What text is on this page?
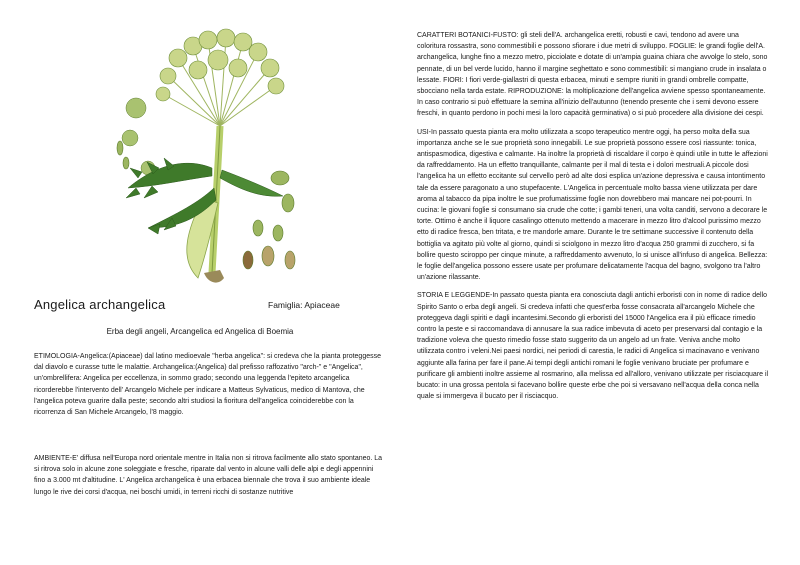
Angelica archangelica	Famiglia: Apiaceae
Erba degli angeli, Arcangelica ed Angelica di Boemia

ETIMOLOGIA-Angelica:(Apiaceae) dal latino medioevale "herba angelica": si credeva che la pianta proteggesse dal diavolo e curasse tutte le malattie. Archangelica:(Angelica) dal prefisso raffozativo "arch-" e "Angelica", un'ombrellifera: Angelica per eccellenza, in sommo grado; secondo una leggenda l'epiteto arcangelica ricorderebbe l'intervento dell' Arcangelo Michele per indicare a Matteus Sylvaticus, medico di Mantova, che l'angelica poteva guarire dalla peste; secondo altri studiosi la fioritura dell'angelica coinciderebbe con la ricorrenza di San Michele Arcangelo, l'8 maggio.

AMBIENTE-E' diffusa nell'Europa nord orientale mentre in Italia non si ritrova facilmente allo stato spontaneo. La si ritrova solo in alcune zone soleggiate e fresche, riparate dal vento in alcune valli delle alpi e degli appennini fino a 3.000 mt d'altitudine. L' Angelica archangelica è una erbacea biennale che trova il suo ambiente ideale lungo le rive dei corsi d'acqua, nei boschi umidi, in terreni ricchi di sostanze nutritive

CARATTERI BOTANICI-FUSTO: gli steli dell'A. archangelica eretti, robusti e cavi, tendono ad avere una coloritura rossastra, sono commestibili e possono sfiorare i due metri di sviluppo. FOGLIE: le grandi foglie dell'A. archangelica, lunghe fino a mezzo metro, picciolate e dotate di un'ampia guaina chiara che avvolge lo stelo, sono pennate, di un bel verde lucido, hanno il margine seghettato e sono commestibili: si mangiano crude in insalata o lessate. FIORI: I fiori verde-giallastri di questa erbacea, minuti e sempre riuniti in grandi ombrelle compatte, sbocciano nella tarda estate. RIPRODUZIONE: la moltiplicazione dell'angelica avviene spesso spontaneamente. In caso contrario si può effettuare la semina all'inizio dell'autunno (tenendo presente che i semi devono essere freschi, in quanto perdono in pochi mesi la loro capacità germinativa) o si può procedere alla divisione dei cespi.

USI-In passato questa pianta era molto utilizzata a scopo terapeutico mentre oggi, ha perso molta della sua importanza anche se le sue proprietà sono innegabili. Le sue proprietà possono essere così riassunte: tonica, antispasmodica, digestiva e calmante. Ha inoltre la proprietà di riscaldare il corpo è quindi utile in tutte le affezioni da raffreddamento. Ha un effetto tranquillante, calmante per il mal di testa e i dolori mestruali.A piccole dosi l'angelica ha un effetto eccitante sul cervello però ad alte dosi esplica un'azione depressiva e causa intontimento tale da essere paragonato a uno stupefacente. L'Angelica in percentuale molto bassa viene utilizzata per dare aroma al tabacco da pipa inoltre le sue profumatissime foglie non dovrebbero mai mancare nei pot-pourri. In cucina: le giovani foglie si consumano sia crude che cotte; i gambi teneri, una volta canditi, servono a decorare le torte. Ottimo è anche il liquore casalingo ottenuto mettendo a macerare in mezzo litro d'alcool purissimo mezzo etto di radice fresca, ben tritata, e tre mandorle amare. Durante le tre settimane successive il contenuto della bottiglia va agitato più volte al giorno, quindi si sciolgono in mezzo litro d'acqua 250 grammi di zucchero, si fa bollire questo sciroppo per cinque minute, a raffreddamento avvenuto, lo si unisce all'infuso di angelica. Bellezza: le foglie dell'angelica possono essere usate per profumare delicatamente l'acqua del bagno, svolgono tra l'altro un'azione rilassante.

STORIA E LEGGENDE-In passato questa pianta era conosciuta dagli antichi erboristi con in nome di radice dello Spirito Santo o erba degli angeli. Si credeva infatti che quest'erba fosse consacrata all'arcangelo Michele che proteggeva dagli spiriti e dagli incantesimi.Secondo gli erboristi del 15000 l'Angelica era il più efficace rimedio contro la peste e si raccomandava di annusare la sua radice imbevuta di aceto per preservarsi dal contagio e la tradizione voleva che questo rimedio fosse stato suggerito da un angelo ad un frate. Veniva anche molto utilizzata contro i veleni.Nei paesi nordici, nei periodi di carestia, le radici di Angelica si macinavano e venivano aggiunte alla farina per fare il pane.Ai tempi degli antichi romani le foglie venivano bruciate per profumare e purificare gli ambienti inoltre assieme al rosmarino, alla melissa ed all'alloro, venivano utilizzate per risciacquare il bucato: in una grossa pentola si facevano bollire queste erbe che poi si versavano nell'acqua della conca nella quale si immergeva il bucato per il risciacquo.
